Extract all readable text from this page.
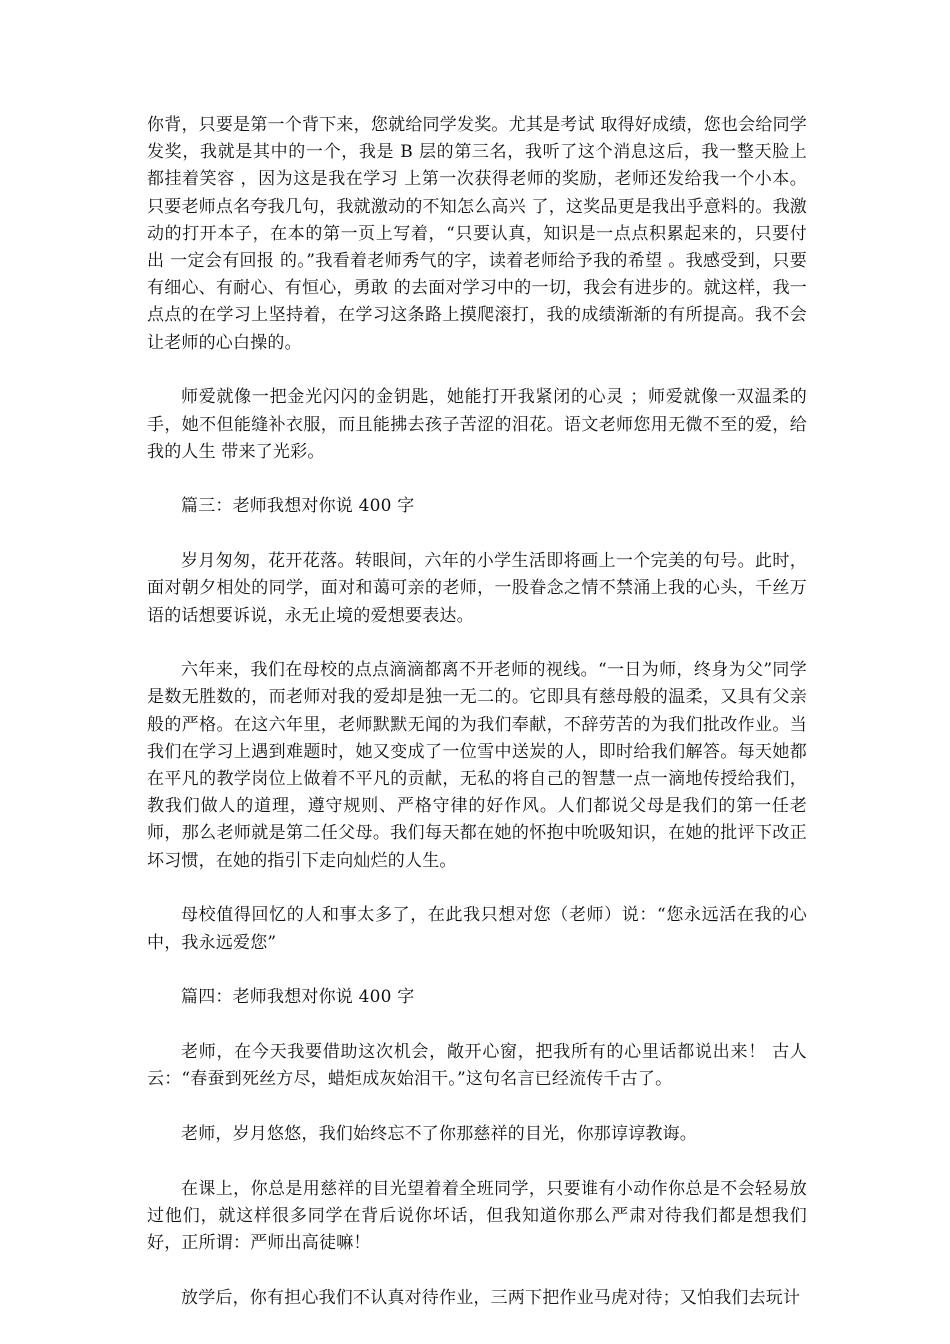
你背，只要是第一个背下来，您就给同学发奖。尤其是考试 取得好成绩，您也会给同学发奖，我就是其中的一个，我是 B 层的第三名，我听了这个消息这后，我一整天脸上都挂着笑容 ，因为这是我在学习 上第一次获得老师的奖励，老师还发给我一个小本。只要老师点名夸我几句，我就激动的不知怎么高兴 了，这奖品更是我出乎意料的。我激动的打开本子，在本的第一页上写着，“只要认真，知识是一点点积累起来的，只要付出 一定会有回报 的。”我看着老师秀气的字，读着老师给予我的希望 。我感受到，只要有细心、有耐心、有恒心，勇敢 的去面对学习中的一切，我会有进步的。就这样，我一点点的在学习上坚持着，在学习这条路上摸爬滚打，我的成绩渐渐的有所提高。我不会让老师的心白操的。

师爱就像一把金光闪闪的金钥匙，她能打开我紧闭的心灵 ；师爱就像一双温柔的手，她不但能缝补衣服，而且能拂去孩子苦涩的泪花。语文老师您用无微不至的爱，给我的人生 带来了光彩。

篇三：老师我想对你说 400 字

岁月匆匆，花开花落。转眼间，六年的小学生活即将画上一个完美的句号。此时，面对朝夕相处的同学，面对和蔼可亲的老师，一股眷念之情不禁涌上我的心头，千丝万语的话想要诉说，永无止境的爱想要表达。

六年来，我们在母校的点点滴滴都离不开老师的视线。“一日为师，终身为父”同学是数无胜数的，而老师对我的爱却是独一无二的。它即具有慈母般的温柔，又具有父亲般的严格。在这六年里，老师默默无闻的为我们奉献，不辞劳苦的为我们批改作业。当我们在学习上遇到难题时，她又变成了一位雪中送炭的人，即时给我们解答。每天她都在平凡的教学岗位上做着不平凡的贡献，无私的将自己的智慧一点一滴地传授给我们，教我们做人的道理，遵守规则、严格守律的好作风。人们都说父母是我们的第一任老师，那么老师就是第二任父母。我们每天都在她的怀抱中吮吸知识，在她的批评下改正坏习惯，在她的指引下走向灿烂的人生。

母校值得回忆的人和事太多了，在此我只想对您（老师）说：“您永远活在我的心中，我永远爱您”

篇四：老师我想对你说 400 字

老师，在今天我要借助这次机会，敞开心窗，把我所有的心里话都说出来！ 古人云：“春蚕到死丝方尽，蜡炬成灰始泪干。”这句名言已经流传千古了。

老师，岁月悠悠，我们始终忘不了你那慈祥的目光，你那谆谆教诲。

在课上，你总是用慈祥的目光望着着全班同学，只要谁有小动作你总是不会轻易放过他们，就这样很多同学在背后说你坏话，但我知道你那么严肃对待我们都是想我们好，正所谓：严师出高徒嘛！

放学后，你有担心我们不认真对待作业，三两下把作业马虎对待；又怕我们去玩计
